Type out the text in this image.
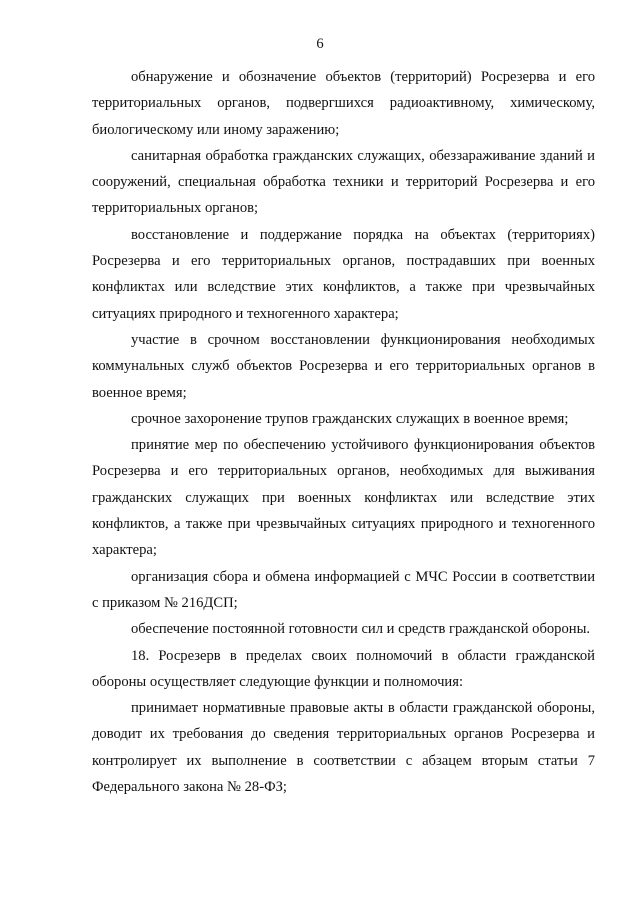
6

обнаружение и обозначение объектов (территорий) Росрезерва и его территориальных органов, подвергшихся радиоактивному, химическому, биологическому или иному заражению;

санитарная обработка гражданских служащих, обеззараживание зданий и сооружений, специальная обработка техники и территорий Росрезерва и его территориальных органов;

восстановление и поддержание порядка на объектах (территориях) Росрезерва и его территориальных органов, пострадавших при военных конфликтах или вследствие этих конфликтов, а также при чрезвычайных ситуациях природного и техногенного характера;

участие в срочном восстановлении функционирования необходимых коммунальных служб объектов Росрезерва и его территориальных органов в военное время;

срочное захоронение трупов гражданских служащих в военное время;

принятие мер по обеспечению устойчивого функционирования объектов Росрезерва и его территориальных органов, необходимых для выживания гражданских служащих при военных конфликтах или вследствие этих конфликтов, а также при чрезвычайных ситуациях природного и техногенного характера;

организация сбора и обмена информацией с МЧС России в соответствии с приказом № 216ДСП;

обеспечение постоянной готовности сил и средств гражданской обороны.

18. Росрезерв в пределах своих полномочий в области гражданской обороны осуществляет следующие функции и полномочия:

принимает нормативные правовые акты в области гражданской обороны, доводит их требования до сведения территориальных органов Росрезерва и контролирует их выполнение в соответствии с абзацем вторым статьи 7 Федерального закона № 28-ФЗ;
